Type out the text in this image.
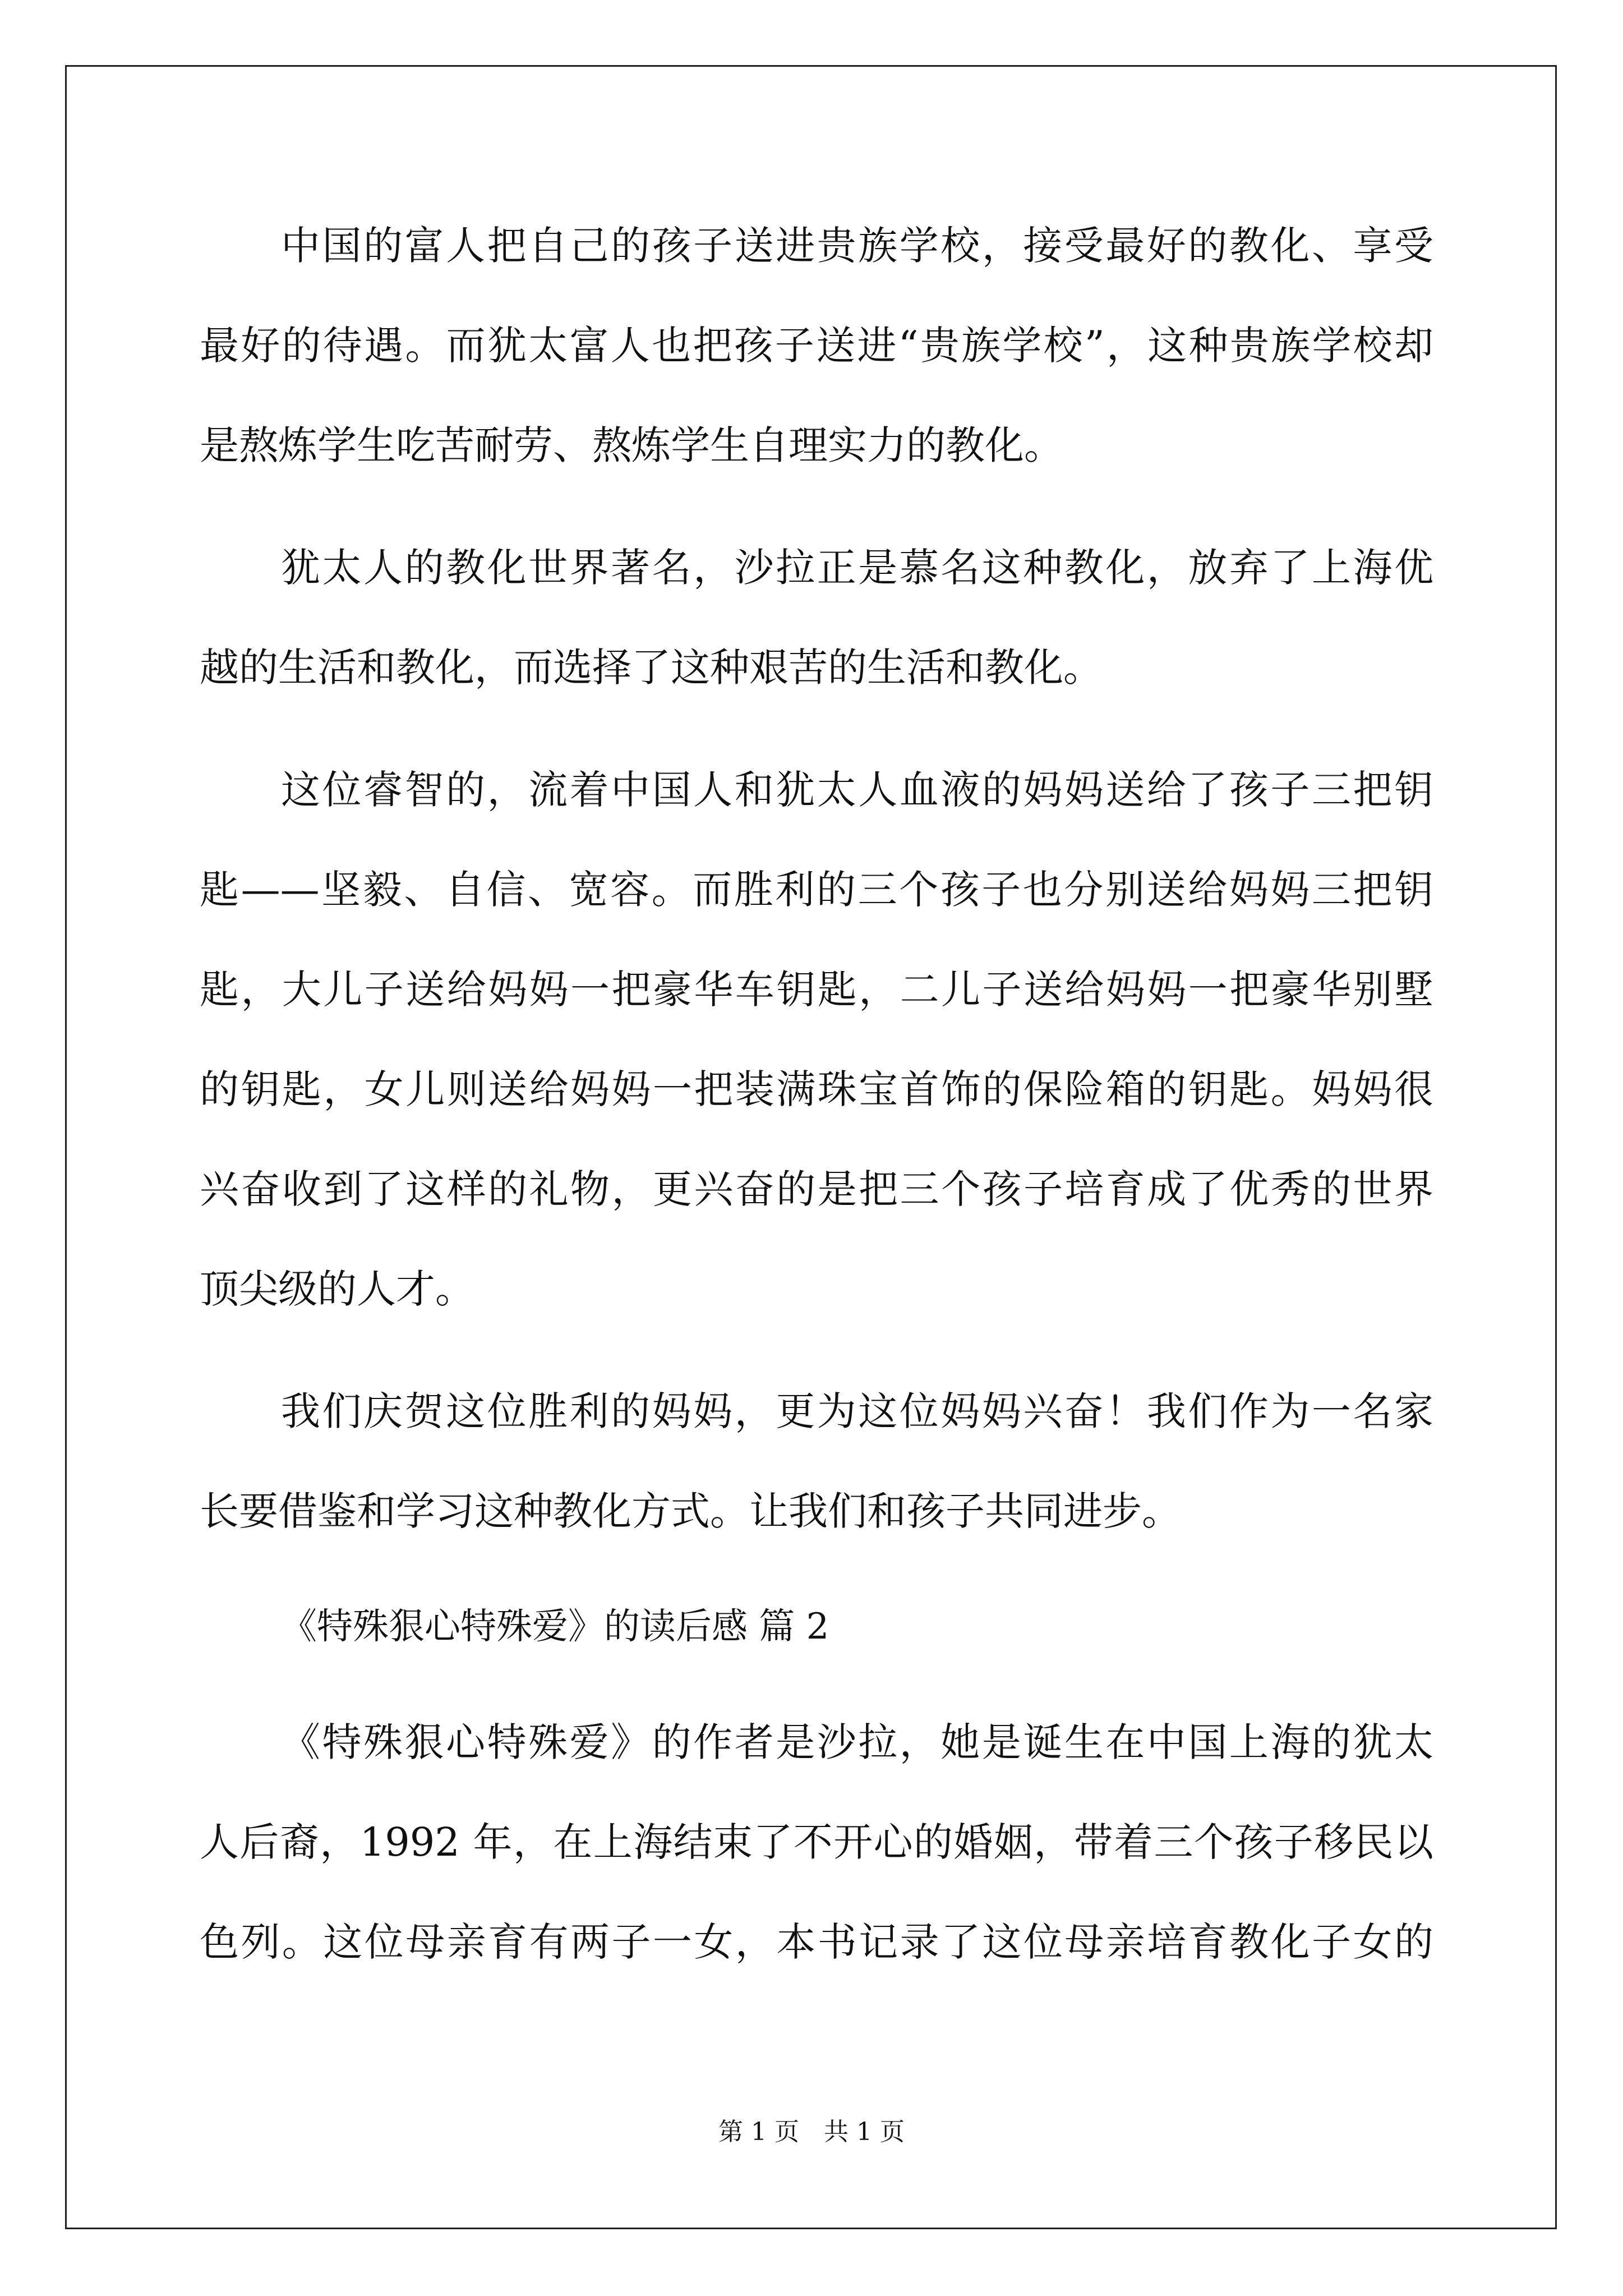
中国的富人把自己的孩子送进贵族学校，接受最好的教化、享受
最好的待遇。而犹太富人也把孩子送进“贵族学校”，这种贵族学校却
是熬炼学生吃苦耐劳、熬炼学生自理实力的教化。
犹太人的教化世界著名，沙拉正是慕名这种教化，放弃了上海优
越的生活和教化，而选择了这种艰苦的生活和教化。
这位睿智的，流着中国人和犹太人血液的妈妈送给了孩子三把钥
匙——坚毅、自信、宽容。而胜利的三个孩子也分别送给妈妈三把钥
匙，大儿子送给妈妈一把豪华车钥匙，二儿子送给妈妈一把豪华别墅
的钥匙，女儿则送给妈妈一把装满珠宝首饰的保险箱的钥匙。妈妈很
兴奋收到了这样的礼物，更兴奋的是把三个孩子培育成了优秀的世界
顶尖级的人才。
我们庆贺这位胜利的妈妈，更为这位妈妈兴奋！我们作为一名家
长要借鉴和学习这种教化方式。让我们和孩子共同进步。
《特殊狠心特殊爱》的读后感 篇 2
《特殊狠心特殊爱》的作者是沙拉，她是诞生在中国上海的犹太
人后裔，1992 年，在上海结束了不开心的婚姻，带着三个孩子移民以
色列。这位母亲育有两子一女，本书记录了这位母亲培育教化子女的
第 1 页　共 1 页
